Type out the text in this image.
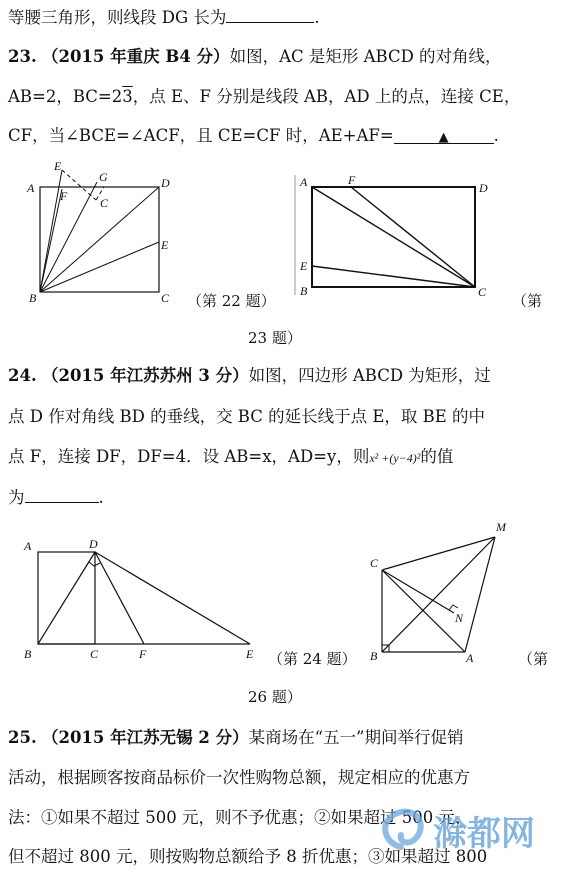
等腰三角形，则线段 DG 长为	.
23. （2015 年重庆 B4 分）如图，AC 是矩形 ABCD 的对角线，
AB=2，BC=23，点 E、F 分别是线段 AB，AD 上的点，连接 CE，
CF，当∠BCE=∠ACF，且 CE=CF 时，AE+AF=	▲	.
E
G
A	D
F	C
E
B	C （第 22 题）
A	F
D
E
B	C （第
23 题）
24. （2015 年江苏苏州 3 分）如图，四边形 ABCD 为矩形，过
点 D 作对角线 BD 的垂线，交 BC 的延长线于点 E，取 BE 的中
点 F，连接 DF，DF=4．设 AB=x，AD=y，则x² +(y−4)²的值
为	.
A	D
B	C	F	E （第 24 题）
M
C
N
B	A	（第
26 题）
25. （2015 年江苏无锡 2 分）某商场在“五一”期间举行促销
活动，根据顾客按商品标价一次性购物总额，规定相应的优惠方
法：①如果不超过 500 元，则不予优惠；②如果超过 500 元，
但不超过 800 元，则按购物总额给予 8 折优惠；③如果超过 800
滁都网
